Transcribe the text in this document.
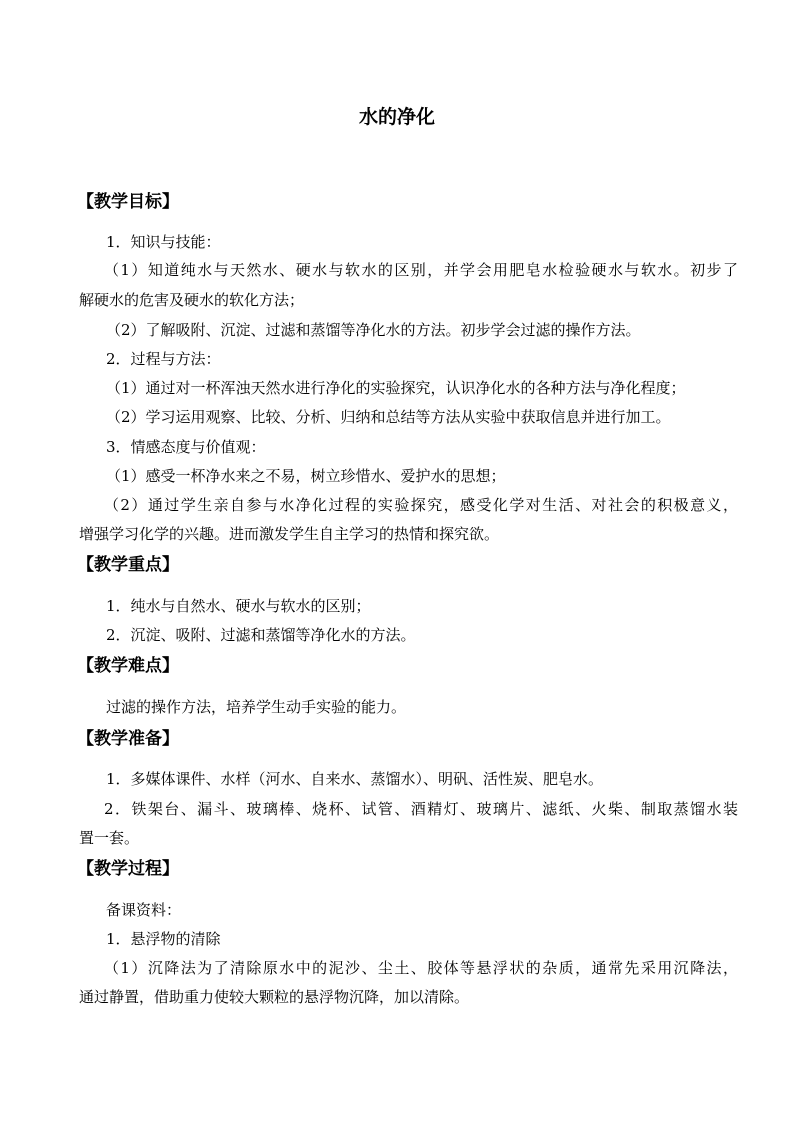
水的净化
【教学目标】
1．知识与技能：
（1）知道纯水与天然水、硬水与软水的区别，并学会用肥皂水检验硬水与软水。初步了
解硬水的危害及硬水的软化方法；
（2）了解吸附、沉淀、过滤和蒸馏等净化水的方法。初步学会过滤的操作方法。
2．过程与方法：
（1）通过对一杯浑浊天然水进行净化的实验探究，认识净化水的各种方法与净化程度；
（2）学习运用观察、比较、分析、归纳和总结等方法从实验中获取信息并进行加工。
3．情感态度与价值观：
（1）感受一杯净水来之不易，树立珍惜水、爱护水的思想；
（2）通过学生亲自参与水净化过程的实验探究，感受化学对生活、对社会的积极意义，
增强学习化学的兴趣。进而激发学生自主学习的热情和探究欲。
【教学重点】
1．纯水与自然水、硬水与软水的区别；
2．沉淀、吸附、过滤和蒸馏等净化水的方法。
【教学难点】
过滤的操作方法，培养学生动手实验的能力。
【教学准备】
1．多媒体课件、水样（河水、自来水、蒸馏水）、明矾、活性炭、肥皂水。
2．铁架台、漏斗、玻璃棒、烧杯、试管、酒精灯、玻璃片、滤纸、火柴、制取蒸馏水装
置一套。
【教学过程】
备课资料：
1．悬浮物的清除
（1）沉降法为了清除原水中的泥沙、尘土、胶体等悬浮状的杂质，通常先采用沉降法，
通过静置，借助重力使较大颗粒的悬浮物沉降，加以清除。
